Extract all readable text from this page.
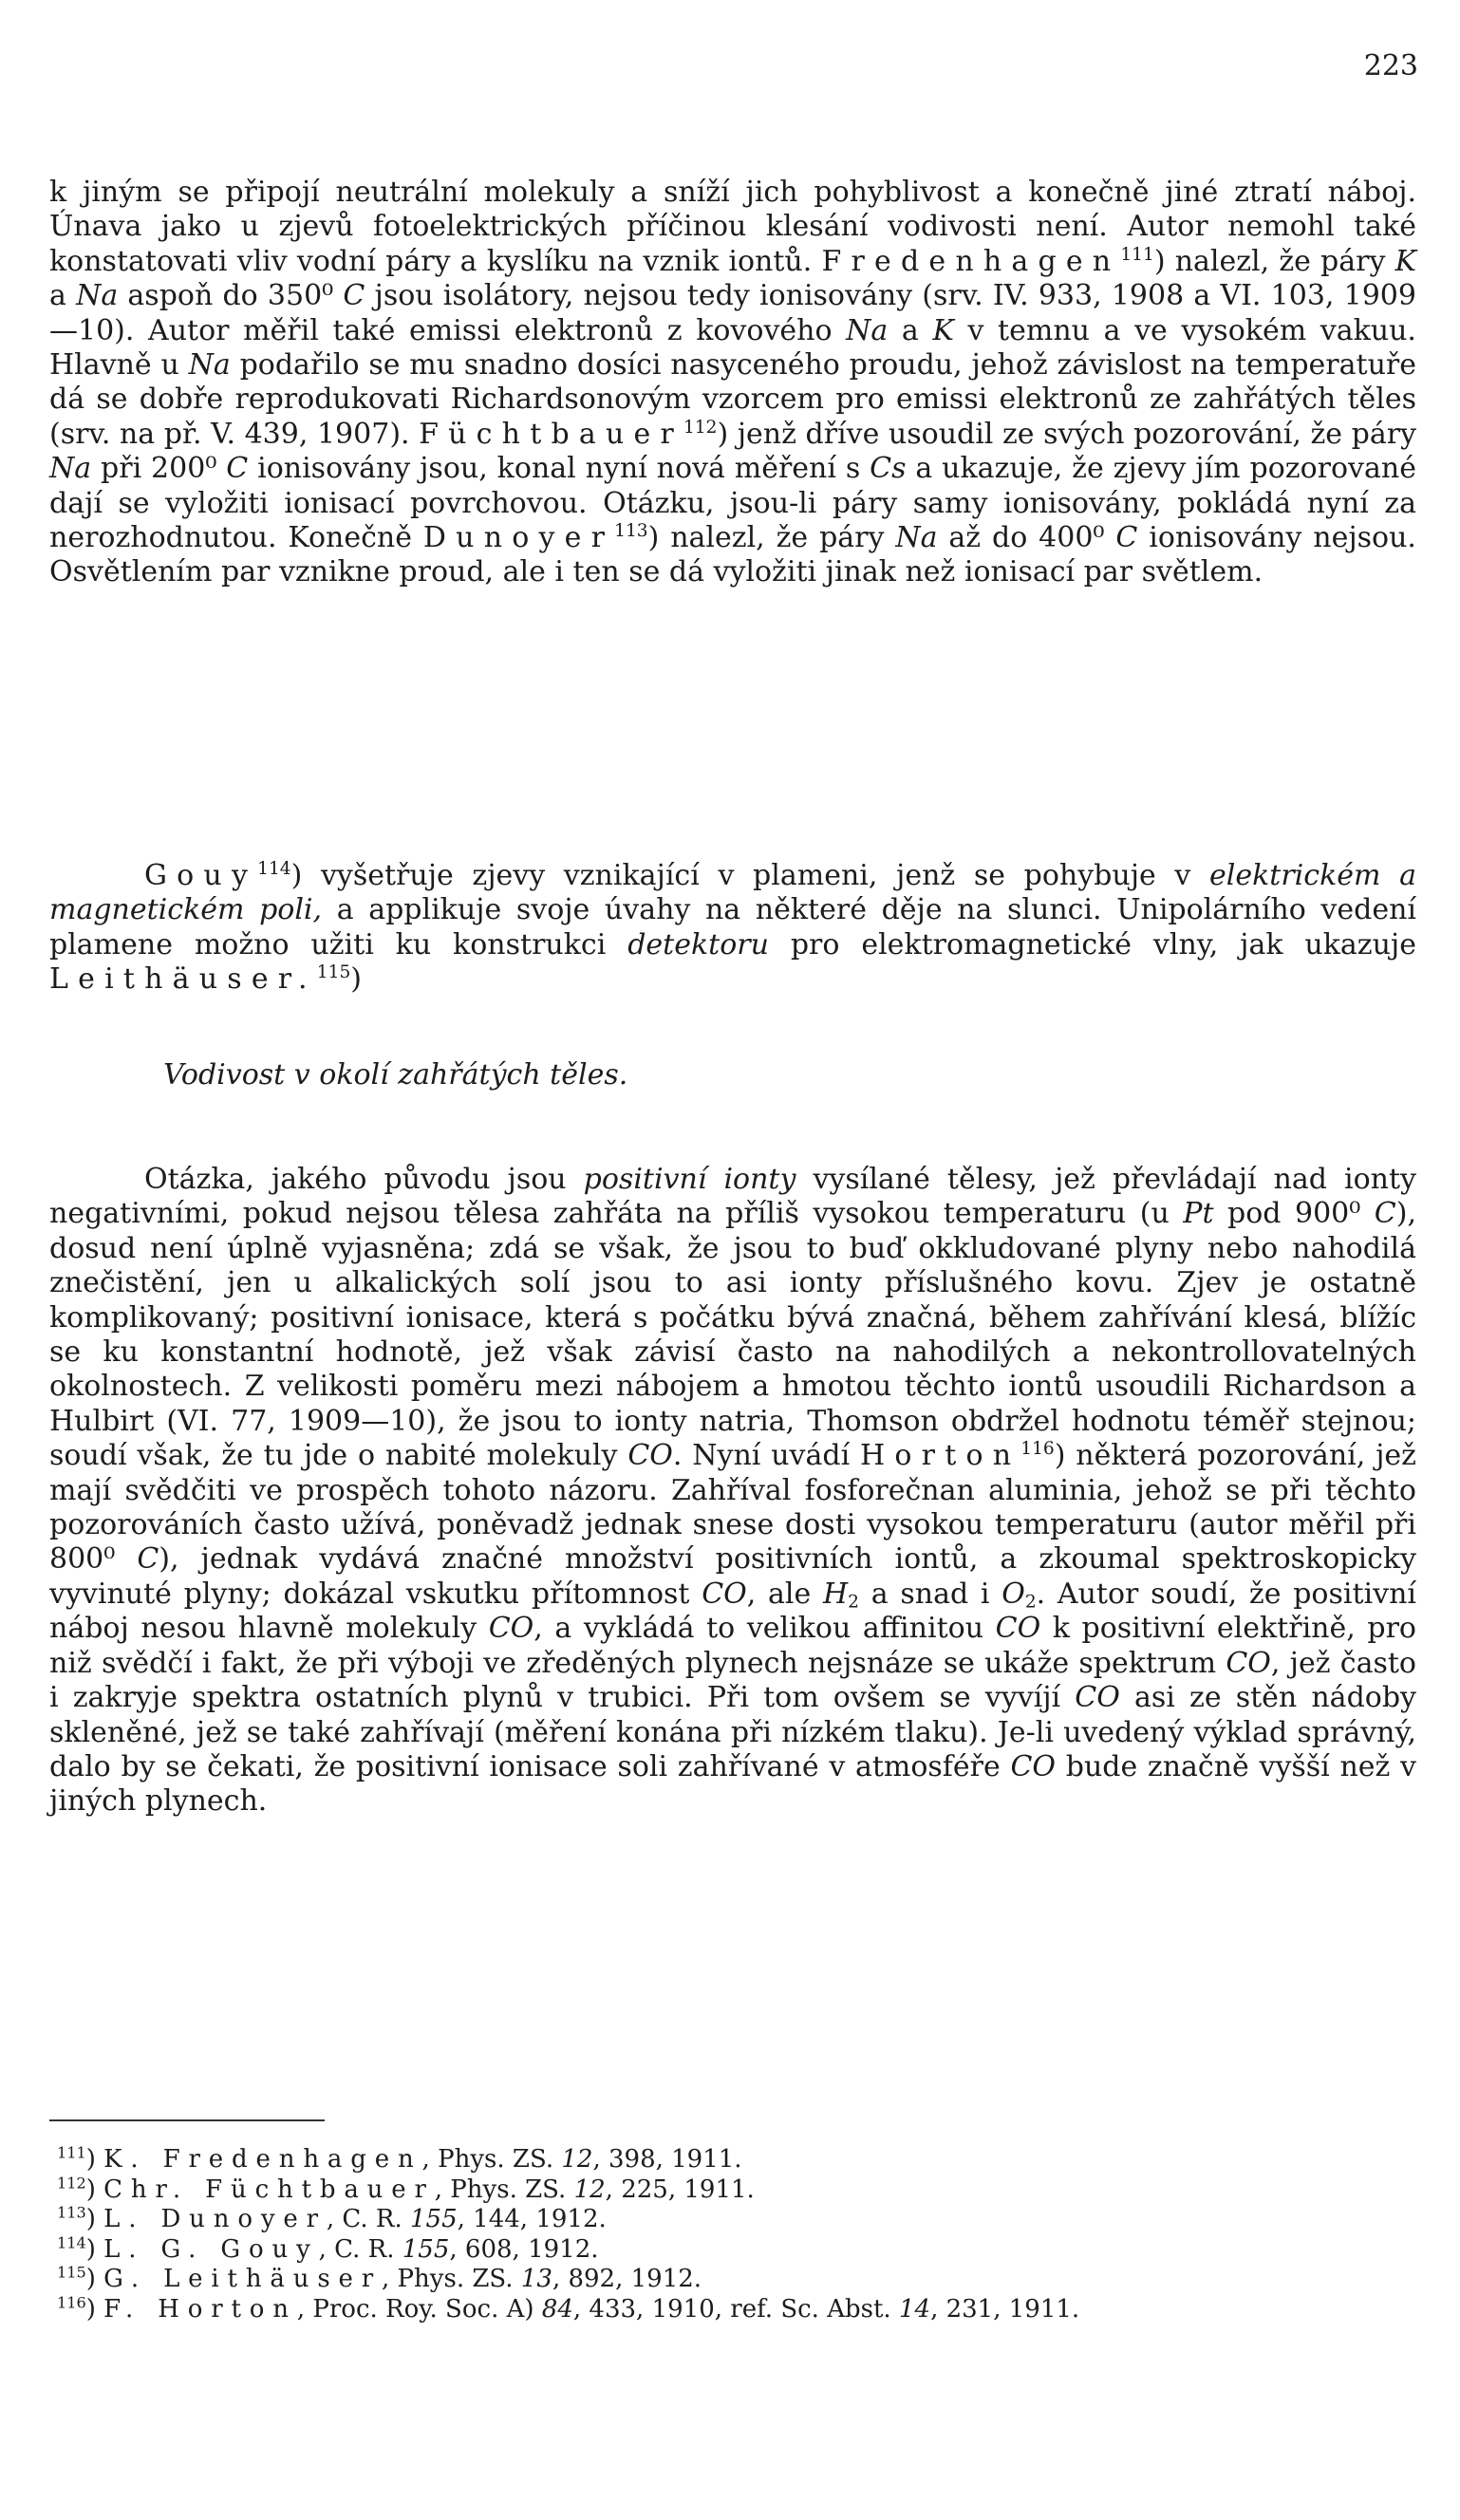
223

k jiným se připojí neutrální molekuly a sníží jich pohyblivost a konečně jiné ztratí náboj. Únava jako u zjevů fotoelektrických příčinou klesání vodivosti není. Autor nemohl také konstatovati vliv vodní páry a kyslíku na vznik iontů. Fredenhagen$^{111}$) nalezl, že páry K a Na aspoň do 350⁰ C jsou isolátory, nejsou tedy ionisovány (srv. IV. 933, 1908 a VI. 103, 1909—10). Autor měřil také emissi elektronů z kovového Na a K v temnu a ve vysokém vakuu. Hlavně u Na podařilo se mu snadno dosíci nasyceného proudu, jehož závislost na temperatuře dá se dobře reprodukovati Richardsonovým vzorcem pro emissi elektronů ze zahřátých těles (srv. na př. V. 439, 1907). Füchtbauer$^{112}$) jenž dříve usoudil ze svých pozorování, že páry Na při 200⁰ C ionisovány jsou, konal nyní nová měření s Cs a ukazuje, že zjevy jím pozorované dají se vyložiti ionisací povrchovou. Otázku, jsou-li páry samy ionisovány, pokládá nyní za nerozhodnutou. Konečně Dunoyer$^{113}$) nalezl, že páry Na až do 400⁰ C ionisovány nejsou. Osvětlením par vznikne proud, ale i ten se dá vyložiti jinak než ionisací par světlem.

Gouy$^{114}$) vyšetřuje zjevy vznikající v plameni, jenž se pohybuje v elektrickém a magnetickém poli, a applikuje svoje úvahy na některé děje na slunci. Unipolárního vedení plamene možno užiti ku konstrukci detektoru pro elektromagnetické vlny, jak ukazuje Leithäuser.$^{115}$)

Vodivost v okolí zahřátých těles.

Otázka, jakého původu jsou positivní ionty vysílané tělesy, jež převládají nad ionty negativními, pokud nejsou tělesa zahřáta na příliš vysokou temperaturu (u Pt pod 900⁰ C), dosud není úplně vyjasněna; zdá se však, že jsou to buď okkludované plyny nebo nahodilá znečistění, jen u alkalických solí jsou to asi ionty příslušného kovu. Zjev je ostatně komplikovaný; positivní ionisace, která s počátku bývá značná, během zahřívání klesá, blížíc se ku konstantní hodnotě, jež však závisí často na nahodilých a nekontrollovatelných okolnostech. Z velikosti poměru mezi nábojem a hmotou těchto iontů usoudili Richardson a Hulbirt (VI. 77, 1909—10), že jsou to ionty natria, Thomson obdržel hodnotu téměř stejnou; soudí však, že tu jde o nabité molekuly CO. Nyní uvádí Horton$^{116}$) některá pozorování, jež mají svědčiti ve prospěch tohoto názoru. Zahříval fosforečnan aluminia, jehož se při těchto pozorováních často užívá, poněvadž jednak snese dosti vysokou temperaturu (autor měřil při 800⁰ C), jednak vydává značné množství positivních iontů, a zkoumal spektroskopicky vyvinuté plyny; dokázal vskutku přítomnost CO, ale $H_2$ a snad i $O_2$. Autor soudí, že positivní náboj nesou hlavně molekuly CO, a vykládá to velikou affinitou CO k positivní elektřině, pro niž svědčí i fakt, že při výboji ve zředěných plynech nejsnáze se ukáže spektrum CO, jež často i zakryje spektra ostatních plynů v trubici. Při tom ovšem se vyvíjí CO asi ze stěn nádoby skleněné, jež se také zahřívají (měření konána při nízkém tlaku). Je-li uvedený výklad správný, dalo by se čekati, že positivní ionisace soli zahřívané v atmosféře CO bude značně vyšší než v jiných plynech.

$^{111}$) K. Fredenhagen, Phys. ZS. 12, 398, 1911.

$^{112}$) Chr. Füchtbauer, Phys. ZS. 12, 225, 1911.

$^{113}$) L. Dunoyer, C. R. 155, 144, 1912.

$^{114}$) L. G. Gouy, C. R. 155, 608, 1912.

$^{115}$) G. Leithäuser, Phys. ZS. 13, 892, 1912.

$^{116}$) F. Horton, Proc. Roy. Soc. A) 84, 433, 1910, ref. Sc. Abst. 14, 231, 1911.
